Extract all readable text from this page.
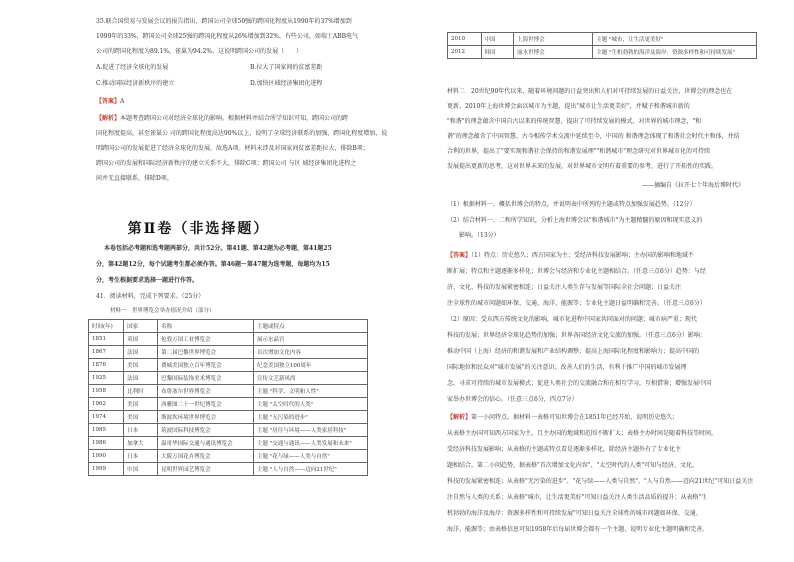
35.联合国贸易与发展会议的报告指出，跨国公司全球50强的跨国化程度从1990年的37%增加到
1999年的33%，跨国公司全球25强的跨国化程度从26%增加到32%。有些公司，如瑞士ABB电气
公司的跨国化程度为89.1%，雀巢为94.2%。这说明跨国公司的发展（　　）
A.促进了经济全球化的发展	B.拉大了国家间的贫富差距
C.推动国际经济新秩序的建立	D.加快区域经济集团化进程
【答案】A
【解析】本题考查跨国公司对经济全球化的影响。根据材料并结合所学知识可知，跨国公司的跨
国化程度提高，甚至雀巢公 司的跨国化程度高达90%以上，说明了全球经济联系的加强，跨国化程度增加，说
明跨国公司的发展促进了经济全球化的发展，故选A项。材料未涉及对国家间贫富差距拉大，排除B项；
跨国公司的发展和国际经济新秩序的建立关系不大，排除C项；跨国公司 与区 域经济集团化进程之
间并无直接联系，排除D项。
第Ⅱ卷（非选择题）
本卷包括必考题和选考题两部分，共计52分。第41题、第42题为必考题，第41题25
分，第42题12分，每个试题考生都必须作答。第46题～第47题为选考题，每题均为15
分，考生根据要求选择一题进行作答。
41．阅读材料，完成下列要求。（25分）
材料一　世界博览会举办情况介绍（部分）
时间(年)	国家	名称	主题或特点
1851	英国	伦敦万国工业博览会	展示水晶宫
1867	法国	第二届巴黎世界博览会	首次增加文化内容
1876	美国	费城美国独立百年博览会	纪念美国独立100周年
1925	法国	巴黎国际装饰美术博览会	宣传文艺新风尚
1958	比利时	布鲁塞尔世界博览会	主题 "科学、文明和人性"
1962	美国	西雅图二十一世纪博览会	主题 "太空时代的人类"
1974	美国	斯波坎环境世界博览会	主题 "无污染的进步"
1985	日本	筑波国际科技博览会	主题 "居住与环境——人类家居科技"
1986	加拿大	温哥华国际交通与通讯博览会	主题 "交通与通讯——人类发展和未来"
1990	日本	大阪万国花卉博览会	主题 "花与绿——人类与自然"
1999	中国	昆明世界园艺博览会	主题 "人与自然——迈向21世纪"
2010	中国	上海世博会	主题 "城市，让生活更美好"
2012	韩国	丽水世博会	主题 "生机勃勃的海洋及海岸：资源多样性和可持续发展"
材料二　20世纪90年代以来，随着环境问题的日益突出和人们对可持续发展的日益关注，世博会的理念也在
更新。2010年上海世博会面以城市为主题，提出"城市让生活更美好"，并赋予和谐城市新的
"和谐"的理念蕴含中国自古以来的传统智慧，提出了可持续发展的模式，对世界的城市理念，"和
谐"的理念蕴含了中国智慧。古今相传学术交流中延续至今，中国的 和谐理念体现了和谐社会时代主和体，并结
合利的世界，提出了"要实现和谐社会保持的和谐发展理""和谐城市"理念研究对世界城市化的可持续
发展提出更新的思考，这对世界未来的发展，对世界城市文明有着重要的参考，进行了开拓性的实践。
——摘编自《拉开七十年海后博时代》
（1）根据材料一，概括世博会的特点，并说明表中所列的主题或特点加强发展趋势。（12分）
（2）结合材料一、二和所学知识，分析上海世博会以"和谐城市"为主题精髓的原因和现实意义的
影响。（13分）
【答案】（1）特点：历史悠久；西方国家为主；受经济科技发展影响；主办国的影响和地域不
断扩展；特点和主题逐渐多样化；世博会与经济和专业化主题相结合。（任意三点6分）趋势：与经
济、文化、科技的发展紧密相连；日益关注人类生存与发展等国际全社会问题；日益关注
注全球性的城市问题如环保、交通、海洋、能源等；专业化主题日益明确和完善。（任意三点6分）
（2）原因：受东西方传统文化的影响，城市化进程中国家共同面对的问题；城市病严重；现代
科技的发展；世界经济全球化趋势的加强；世界各国经济文化交流的加强。（任意三点6分）影响：
推动中国（上海）经济的和谐发展和产业结构调整；提高上海国际化程度和影响力；提高中国的
国际地位和民众对"城市发展"的关注意识；改善人们的生活，有利于推广中国的城市发展理
念，寻求可持续的城市发展模式；促进人类社会的交流融合和在相互学习，互相借鉴；增强发展中国
家举办世博会的信心。（任意三点6分，四点7分）
【解析】第一小问特点，据材料一表格可知世博会在1851年已经开始，说明历史悠久；
从表格主办国可知西方国家为主，且主办国的地域和范围不断扩大；表格主办时间是随着科技等时间，
受经济科技发展影响；从表格的主题或特点看是逐渐多样化，除经济主题外有了专业化主
题相结合。第二小问趋势，据表格"首次增加文化内容"、"太空时代的人类"可知与经济、文化、
科技的发展紧密相连；从表格"无污染的进步"、"花与绿——人类与自然"、"人与自然——迈向21世纪"可知日益关注
注自然与人类的关系；从表格"城市，让生活更美好"可知日益关注人类生活品质的提升；从表格"生
机勃勃的海洋及海岸：资源多样性和可持续发展"可知日益关注全球性的城市问题如环保、交通、
海洋、能源等；由表格信息可知1958年后每届世博会都有一个主题，说明专业化主题明确和完善。
